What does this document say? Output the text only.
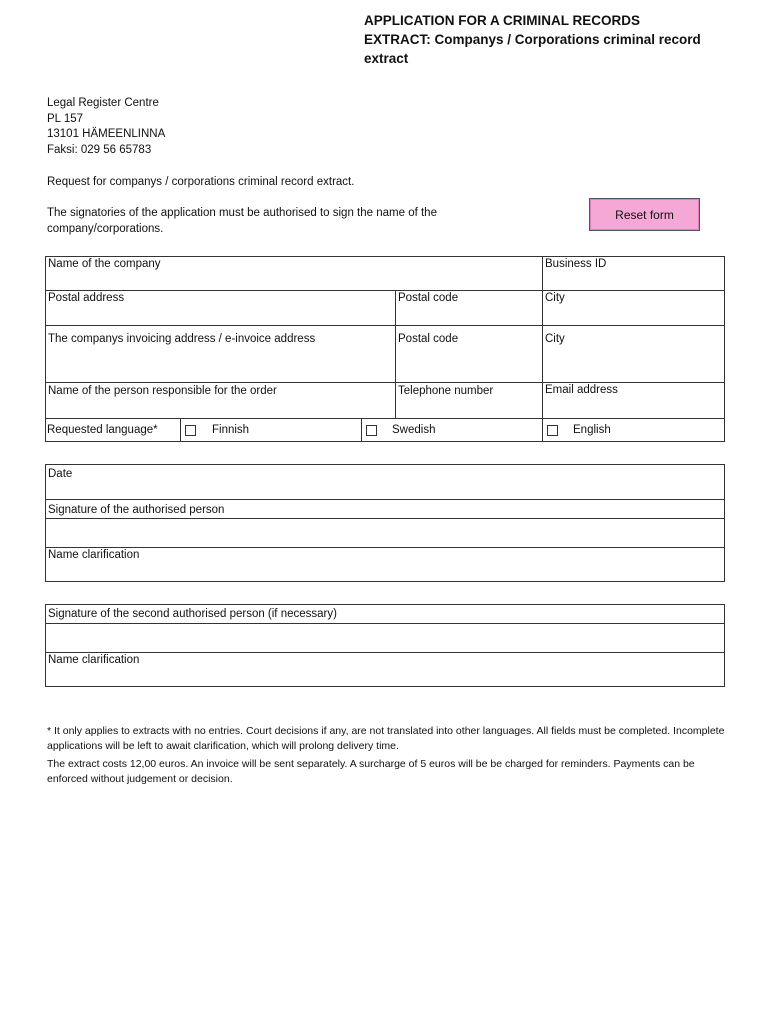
APPLICATION FOR A CRIMINAL RECORDS EXTRACT: Companys / Corporations criminal record extract
Legal Register Centre
PL 157
13101 HÄMEENLINNA
Faksi: 029 56 65783
Request for companys / corporations criminal record extract.
The signatories of the application must be authorised to sign the name of the company/corporations.
Reset form
Name of the company	Business ID
Postal address	Postal code	City
The companys invoicing address / e-invoice address	Postal code	City
Name of the person responsible for the order	Telephone number	Email address
Requested language*	Finnish	Swedish	English
Date
Signature of the authorised person
Name clarification
Signature of the second authorised person (if necessary)
Name clarification
* It only applies to extracts with no entries. Court decisions if any, are not translated into other languages. All fields must be completed. Incomplete applications will be left to await clarification, which will prolong delivery time.
The extract costs 12,00 euros. An invoice will be sent separately. A surcharge of 5 euros will be be charged for reminders. Payments can be enforced without judgement or decision.
